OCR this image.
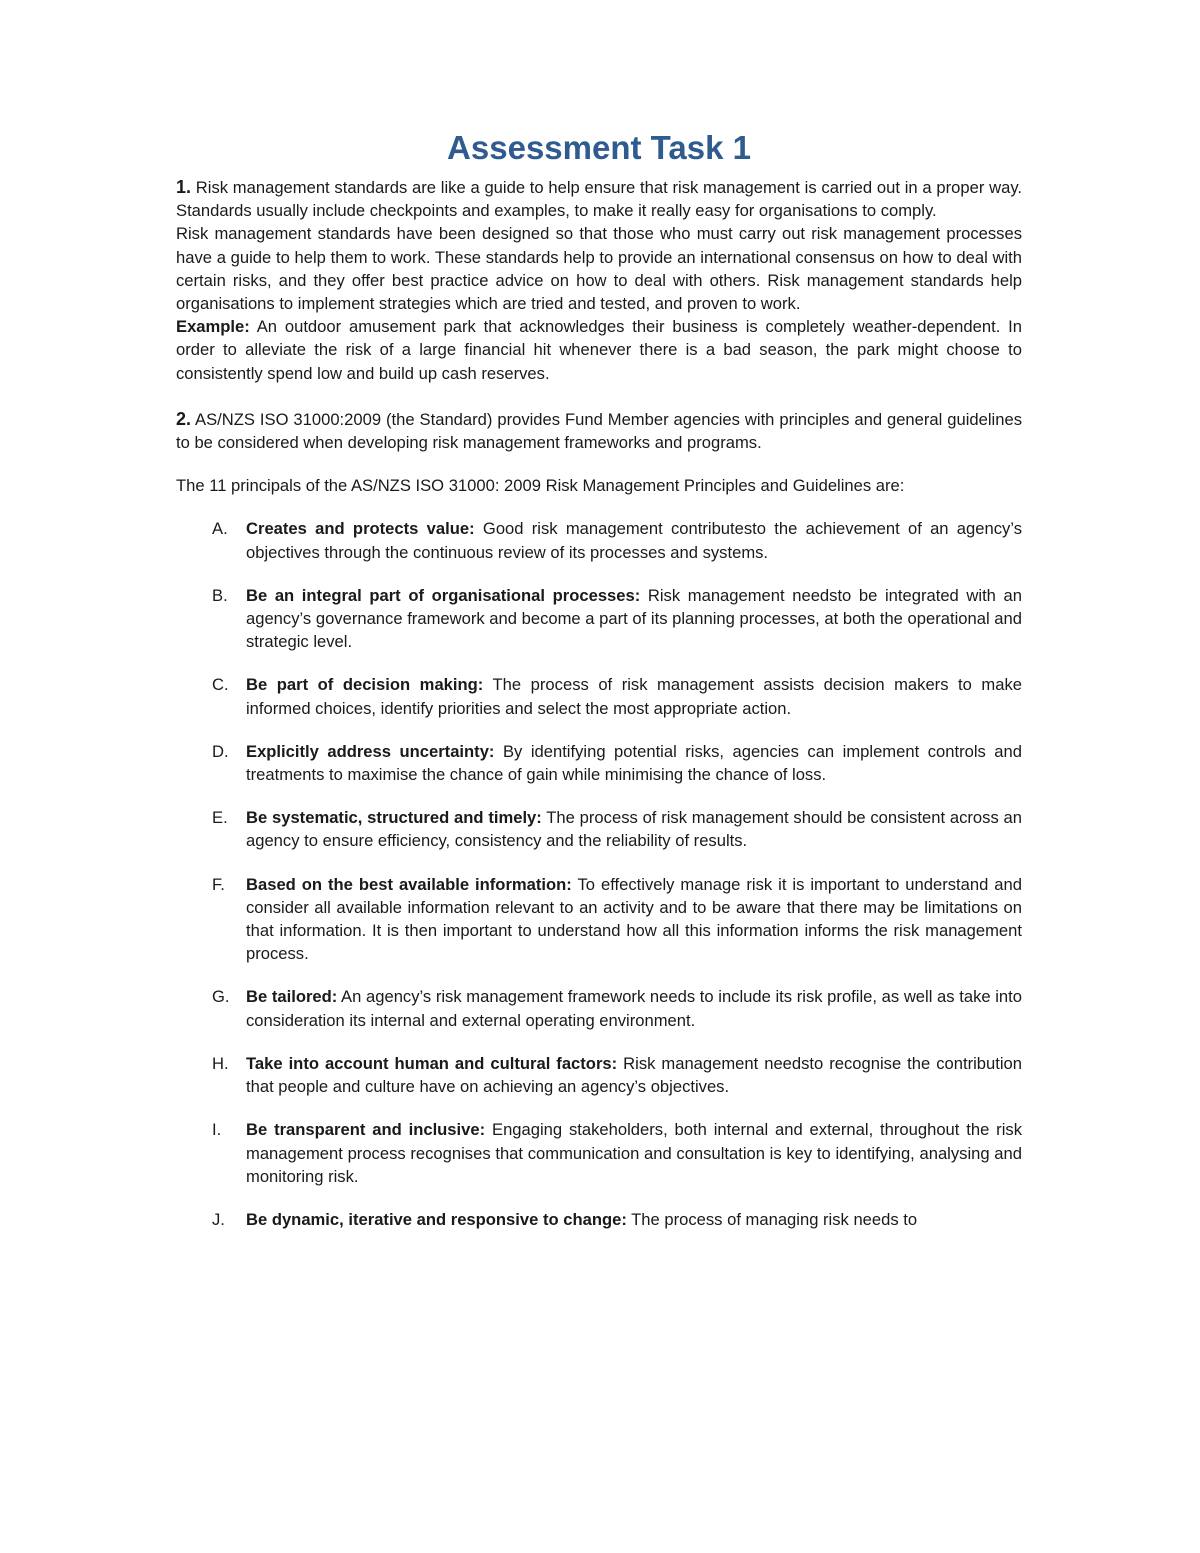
Assessment Task 1

1. Risk management standards are like a guide to help ensure that risk management is carried out in a proper way. Standards usually include checkpoints and examples, to make it really easy for organisations to comply.

Risk management standards have been designed so that those who must carry out risk management processes have a guide to help them to work. These standards help to provide an international consensus on how to deal with certain risks, and they offer best practice advice on how to deal with others. Risk management standards help organisations to implement strategies which are tried and tested, and proven to work.

Example: An outdoor amusement park that acknowledges their business is completely weather-dependent. In order to alleviate the risk of a large financial hit whenever there is a bad season, the park might choose to consistently spend low and build up cash reserves.

2. AS/NZS ISO 31000:2009 (the Standard) provides Fund Member agencies with principles and general guidelines to be considered when developing risk management frameworks and programs.

The 11 principals of the AS/NZS ISO 31000: 2009 Risk Management Principles and Guidelines are:

A. Creates and protects value: Good risk management contributesto the achievement of an agency’s objectives through the continuous review of its processes and systems.
B. Be an integral part of organisational processes: Risk management needsto be integrated with an agency’s governance framework and become a part of its planning processes, at both the operational and strategic level.
C. Be part of decision making: The process of risk management assists decision makers to make informed choices, identify priorities and select the most appropriate action.
D. Explicitly address uncertainty: By identifying potential risks, agencies can implement controls and treatments to maximise the chance of gain while minimising the chance of loss.
E. Be systematic, structured and timely: The process of risk management should be consistent across an agency to ensure efficiency, consistency and the reliability of results.
F. Based on the best available information: To effectively manage risk it is important to understand and consider all available information relevant to an activity and to be aware that there may be limitations on that information. It is then important to understand how all this information informs the risk management process.
G. Be tailored: An agency’s risk management framework needs to include its risk profile, as well as take into consideration its internal and external operating environment.
H. Take into account human and cultural factors: Risk management needsto recognise the contribution that people and culture have on achieving an agency’s objectives.
I. Be transparent and inclusive: Engaging stakeholders, both internal and external, throughout the risk management process recognises that communication and consultation is key to identifying, analysing and monitoring risk.
J. Be dynamic, iterative and responsive to change: The process of managing risk needs to
